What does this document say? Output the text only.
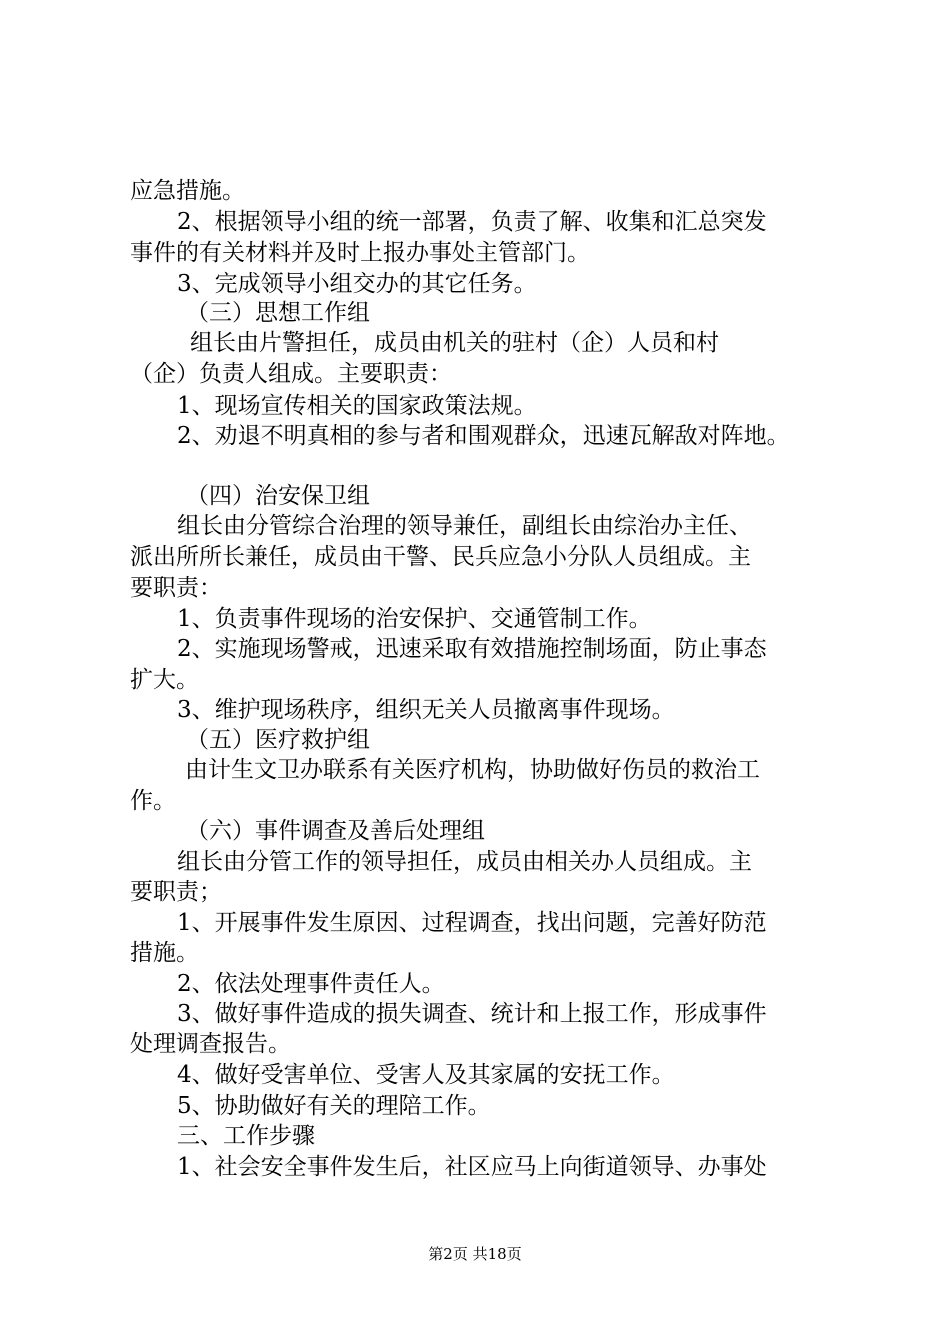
应急措施。
2、根据领导小组的统一部署，负责了解、收集和汇总突发
事件的有关材料并及时上报办事处主管部门。
3、完成领导小组交办的其它任务。
（三）思想工作组
组长由片警担任，成员由机关的驻村（企）人员和村
（企）负责人组成。主要职责：
1、现场宣传相关的国家政策法规。
2、劝退不明真相的参与者和围观群众，迅速瓦解敌对阵地。
（四）治安保卫组
组长由分管综合治理的领导兼任，副组长由综治办主任、
派出所所长兼任，成员由干警、民兵应急小分队人员组成。主
要职责：
1、负责事件现场的治安保护、交通管制工作。
2、实施现场警戒，迅速采取有效措施控制场面，防止事态
扩大。
3、维护现场秩序，组织无关人员撤离事件现场。
（五）医疗救护组
由计生文卫办联系有关医疗机构，协助做好伤员的救治工
作。
（六）事件调查及善后处理组
组长由分管工作的领导担任，成员由相关办人员组成。主
要职责；
1、开展事件发生原因、过程调查，找出问题，完善好防范
措施。
2、依法处理事件责任人。
3、做好事件造成的损失调查、统计和上报工作，形成事件
处理调查报告。
4、做好受害单位、受害人及其家属的安抚工作。
5、协助做好有关的理陪工作。
三、工作步骤
1、社会安全事件发生后，社区应马上向街道领导、办事处
第2页 共18页
